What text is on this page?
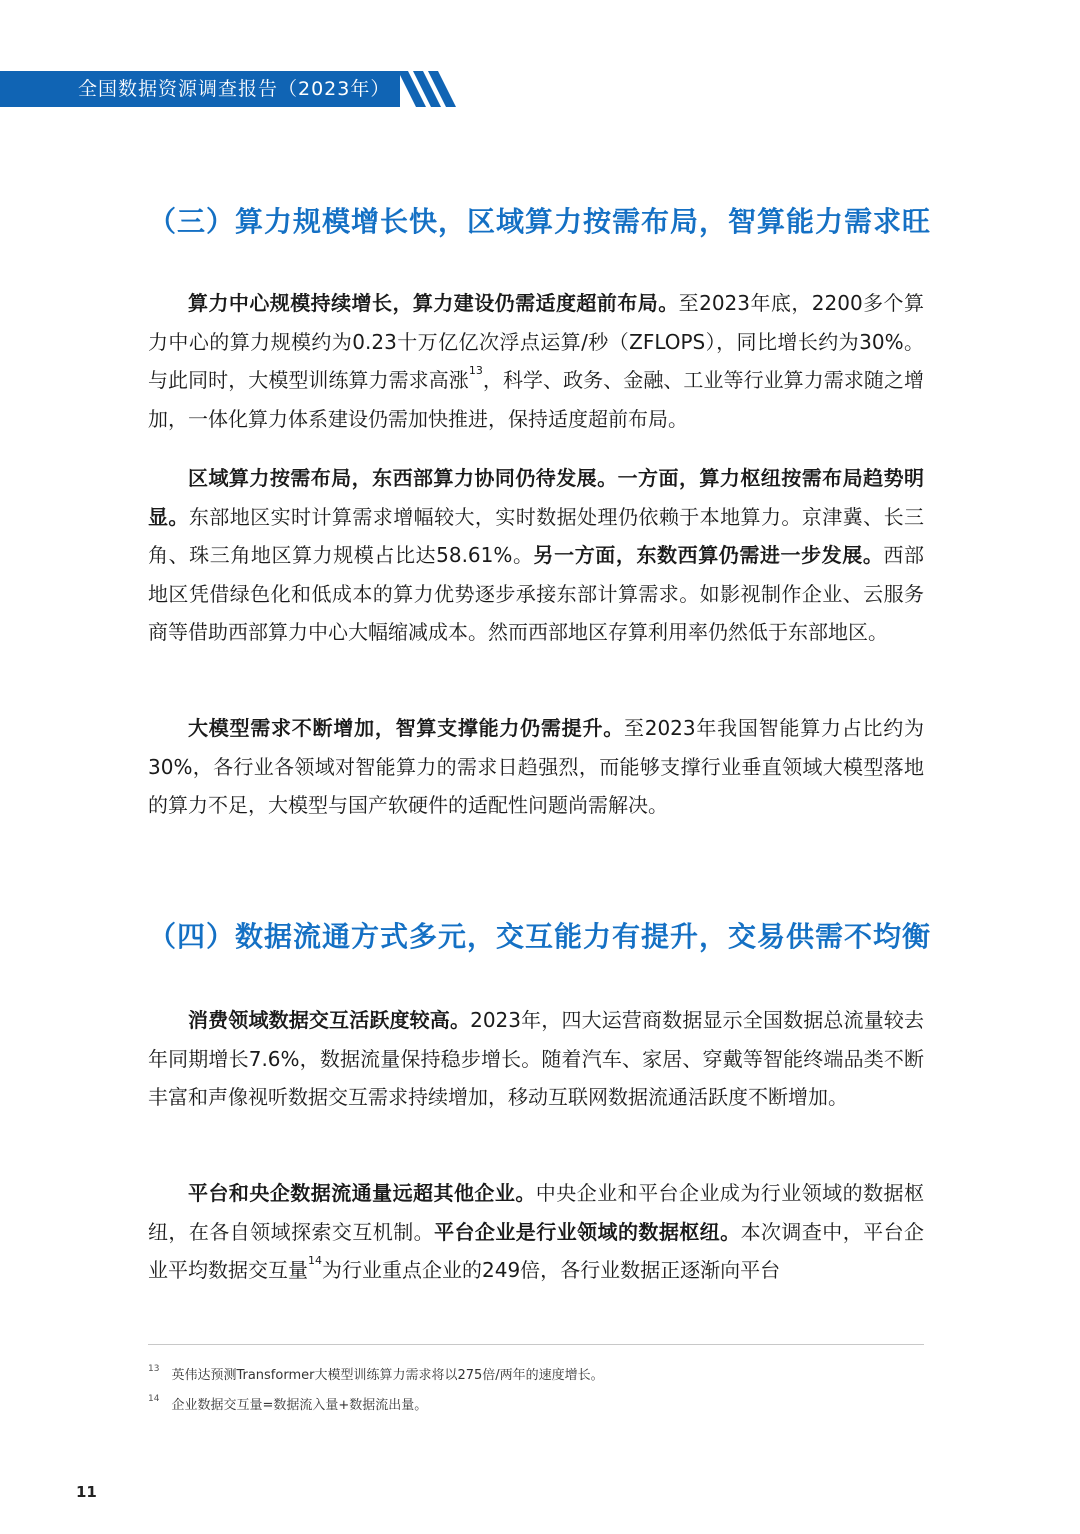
全国数据资源调查报告（2023年）
（三）算力规模增长快，区域算力按需布局，智算能力需求旺

算力中心规模持续增长，算力建设仍需适度超前布局。至2023年底，2200多个算力中心的算力规模约为0.23十万亿亿次浮点运算/秒（ZFLOPS），同比增长约为30%。与此同时，大模型训练算力需求高涨$^{13}$，科学、政务、金融、工业等行业算力需求随之增加，一体化算力体系建设仍需加快推进，保持适度超前布局。

区域算力按需布局，东西部算力协同仍待发展。一方面，算力枢纽按需布局趋势明显。东部地区实时计算需求增幅较大，实时数据处理仍依赖于本地算力。京津冀、长三角、珠三角地区算力规模占比达58.61%。另一方面，东数西算仍需进一步发展。西部地区凭借绿色化和低成本的算力优势逐步承接东部计算需求。如影视制作企业、云服务商等借助西部算力中心大幅缩减成本。然而西部地区存算利用率仍然低于东部地区。

大模型需求不断增加，智算支撑能力仍需提升。至2023年我国智能算力占比约为30%，各行业各领域对智能算力的需求日趋强烈，而能够支撑行业垂直领域大模型落地的算力不足，大模型与国产软硬件的适配性问题尚需解决。

（四）数据流通方式多元，交互能力有提升，交易供需不均衡

消费领域数据交互活跃度较高。2023年，四大运营商数据显示全国数据总流量较去年同期增长7.6%，数据流量保持稳步增长。随着汽车、家居、穿戴等智能终端品类不断丰富和声像视听数据交互需求持续增加，移动互联网数据流通活跃度不断增加。

平台和央企数据流通量远超其他企业。中央企业和平台企业成为行业领域的数据枢纽，在各自领域探索交互机制。平台企业是行业领域的数据枢纽。本次调查中，平台企业平均数据交互量$^{14}$为行业重点企业的249倍，各行业数据正逐渐向平台

$^{13}$ 英伟达预测Transformer大模型训练算力需求将以275倍/两年的速度增长。
$^{14}$ 企业数据交互量=数据流入量+数据流出量。
11
